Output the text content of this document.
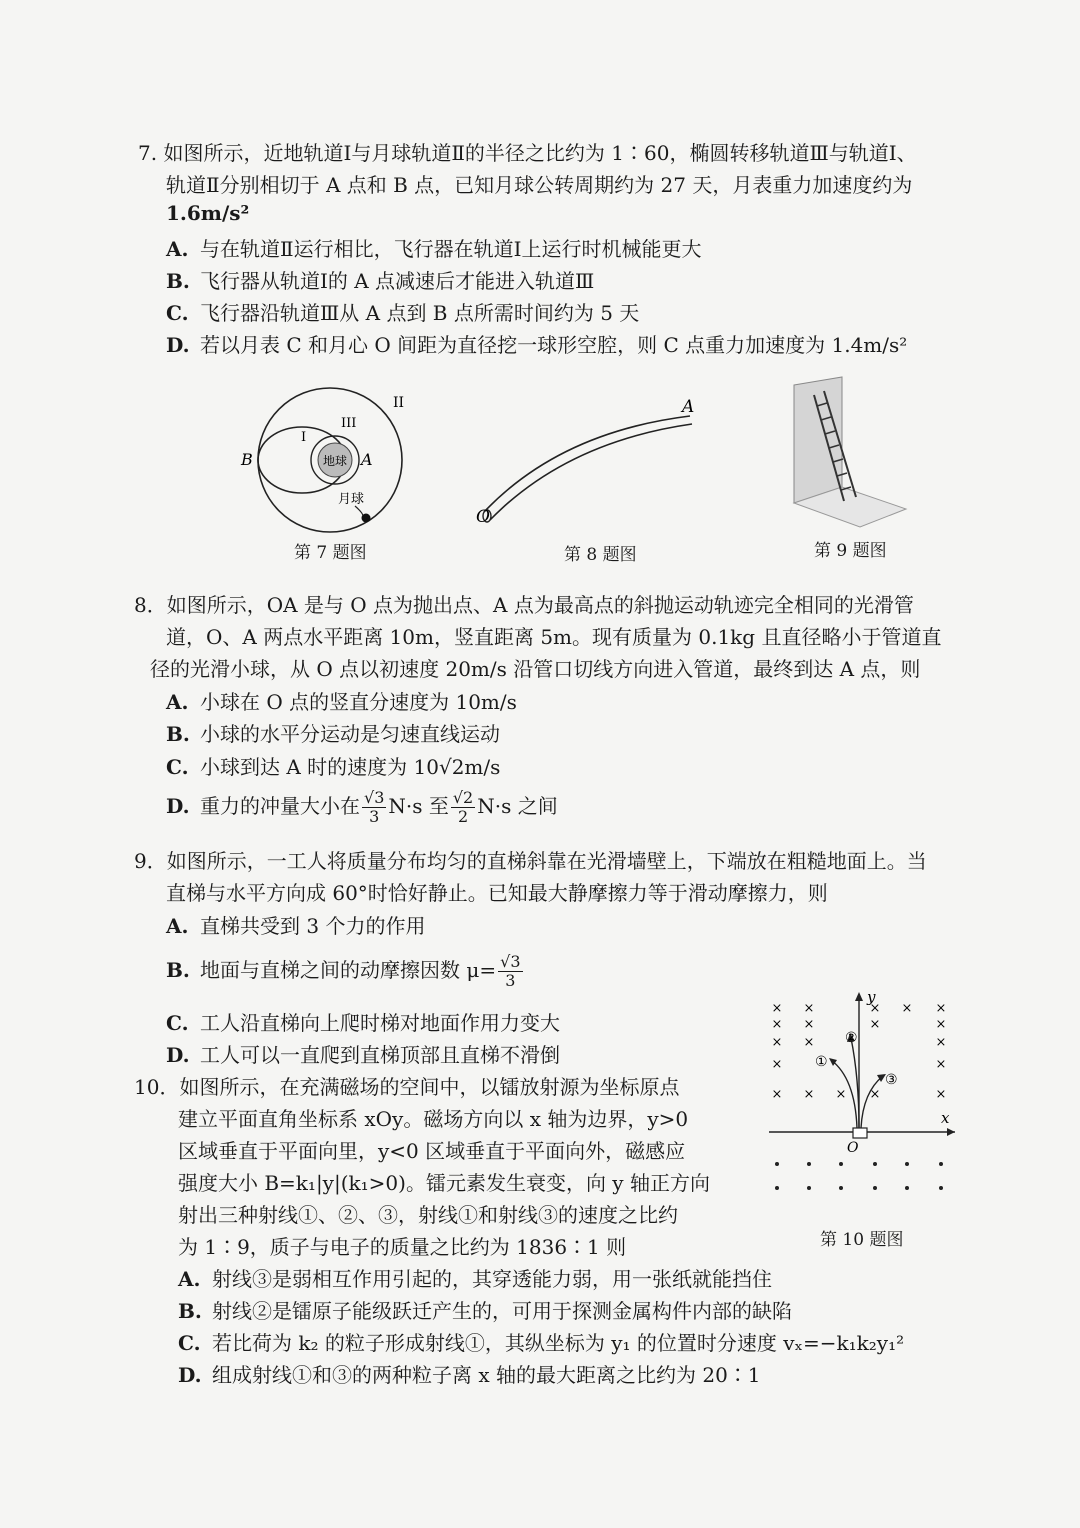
7. 如图所示，近地轨道Ⅰ与月球轨道Ⅱ的半径之比约为 1∶60，椭圆转移轨道Ⅲ与轨道Ⅰ、
轨道Ⅱ分别相切于 A 点和 B 点，已知月球公转周期约为 27 天，月表重力加速度约为
1.6m/s²
A. 与在轨道Ⅱ运行相比，飞行器在轨道Ⅰ上运行时机械能更大
B. 飞行器从轨道Ⅰ的 A 点减速后才能进入轨道Ⅲ
C. 飞行器沿轨道Ⅲ从 A 点到 B 点所需时间约为 5 天
D. 若以月表 C 和月心 O 间距为直径挖一球形空腔，则 C 点重力加速度为 1.4m/s²
地球
II
III
I
A
B
月球
第 7 题图
O
A
第 8 题图	第 9 题图
8．如图所示，OA 是与 O 点为抛出点、A 点为最高点的斜抛运动轨迹完全相同的光滑管
道，O、A 两点水平距离 10m，竖直距离 5m。现有质量为 0.1kg 且直径略小于管道直
径的光滑小球，从 O 点以初速度 20m/s 沿管口切线方向进入管道，最终到达 A 点，则
A. 小球在 O 点的竖直分速度为 10m/s
B. 小球的水平分运动是匀速直线运动
C. 小球到达 A 时的速度为 10√2m/s
D. 重力的冲量大小在 $\frac{√3}{3} N\cdot s$ 至 $\frac{√2}{2} N\cdot s$ 之间
9．如图所示，一工人将质量分布均匀的直梯斜靠在光滑墙壁上，下端放在粗糙地面上。当
直梯与水平方向成 60°时恰好静止。已知最大静摩擦力等于滑动摩擦力，则
A. 直梯共受到 3 个力的作用
B. 地面与直梯之间的动摩擦因数 $\mu= \frac{√3}{3}$
C. 工人沿直梯向上爬时梯对地面作用力变大
D. 工人可以一直爬到直梯顶部且直梯不滑倒
10．如图所示，在充满磁场的空间中，以镭放射源为坐标原点
建立平面直角坐标系 xOy。磁场方向以 x 轴为边界，y>0
区域垂直于平面向里，y<0 区域垂直于平面向外，磁感应
强度大小 B=k₁|y|(k₁>0)。镭元素发生衰变，向 y 轴正方向
射出三种射线①、②、③，射线①和射线③的速度之比约
为 1∶9，质子与电子的质量之比约为 1836∶1 则
× ×	× × ×
× ×	×	×
× ×	×
×	×
× × × ×	×
y
x
O
①
②
③
第 10 题图
A. 射线③是弱相互作用引起的，其穿透能力弱，用一张纸就能挡住
B. 射线②是镭原子能级跃迁产生的，可用于探测金属构件内部的缺陷
C. 若比荷为 k₂ 的粒子形成射线①，其纵坐标为 y₁ 的位置时分速度 vₓ=−k₁k₂y₁²
D. 组成射线①和③的两种粒子离 x 轴的最大距离之比约为 20∶1
